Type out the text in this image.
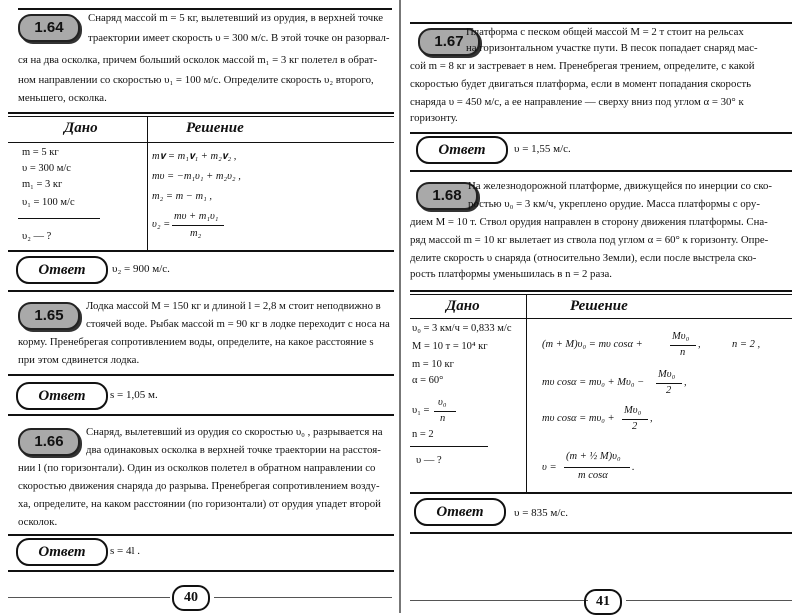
1.64
Снаряд массой m = 5 кг, вылетевший из орудия, в верхней точке
траектории имеет скорость υ = 300 м/с. В этой точке он разорвал-
ся на два осколка, причем больший осколок массой m₁ = 3 кг полетел в обрат-
ном направлении со скоростью υ₁ = 100 м/с. Определите скорость υ₂ второго,
меньшего, осколка.
Дано	Решение
m = 5 кг
υ = 300 м/с
m₁ = 3 кг
υ₁ = 100 м/с
υ₂ — ?
m𝐯 = m₁𝐯₁ + m₂𝐯₂ ,
mυ = −m₁υ₁ + m₂υ₂ ,
m₂ = m − m₁ ,
υ₂ =
mυ + m₁υ₁
m₂
Ответ	υ₂ = 900 м/с.
1.65
Лодка массой M = 150 кг и длиной l = 2,8 м стоит неподвижно в
стоячей воде. Рыбак массой m = 90 кг в лодке переходит с носа на
корму. Пренебрегая сопротивлением воды, определите, на какое расстояние s
при этом сдвинется лодка.
Ответ	s = 1,05 м.
1.66
Снаряд, вылетевший из орудия со скоростью υ₀ , разрывается на
два одинаковых осколка в верхней точке траектории на расстоя-
нии l (по горизонтали). Один из осколков полетел в обратном направлении со
скоростью движения снаряда до разрыва. Пренебрегая сопротивлением возду-
ха, определите, на каком расстоянии (по горизонтали) от орудия упадет второй
осколок.
Ответ	s = 4l .
40
1.67
Платформа с песком общей массой M = 2 т стоит на рельсах
на горизонтальном участке пути. В песок попадает снаряд мас-
сой m = 8 кг и застревает в нем. Пренебрегая трением, определите, с какой
скоростью будет двигаться платформа, если в момент попадания скорость
снаряда υ = 450 м/с, а ее направление — сверху вниз под углом α = 30° к
горизонту.
Ответ	υ = 1,55 м/с.
1.68
На железнодорожной платформе, движущейся по инерции со ско-
ростью υ₀ = 3 км/ч, укреплено орудие. Масса платформы с ору-
дием M = 10 т. Ствол орудия направлен в сторону движения платформы. Сна-
ряд массой m = 10 кг вылетает из ствола под углом α = 60° к горизонту. Опре-
делите скорость υ снаряда (относительно Земли), если после выстрела ско-
рость платформы уменьшилась в n = 2 раза.
Дано	Решение
υ₀ = 3 км/ч = 0,833 м/с
M = 10 т = 10⁴ кг
m = 10 кг
α = 60°
υ₁ =
υ₀
n
n = 2
υ — ?
(m + M)υ₀ = mυ cosα +
Mυ₀
n
,	n = 2 ,
mυ cosα = mυ₀ + Mυ₀ −
Mυ₀
2
,
mυ cosα = mυ₀ +
Mυ₀
2
,
υ =
(m + ½ M)υ₀
m cosα
.
Ответ	υ = 835 м/с.
41
